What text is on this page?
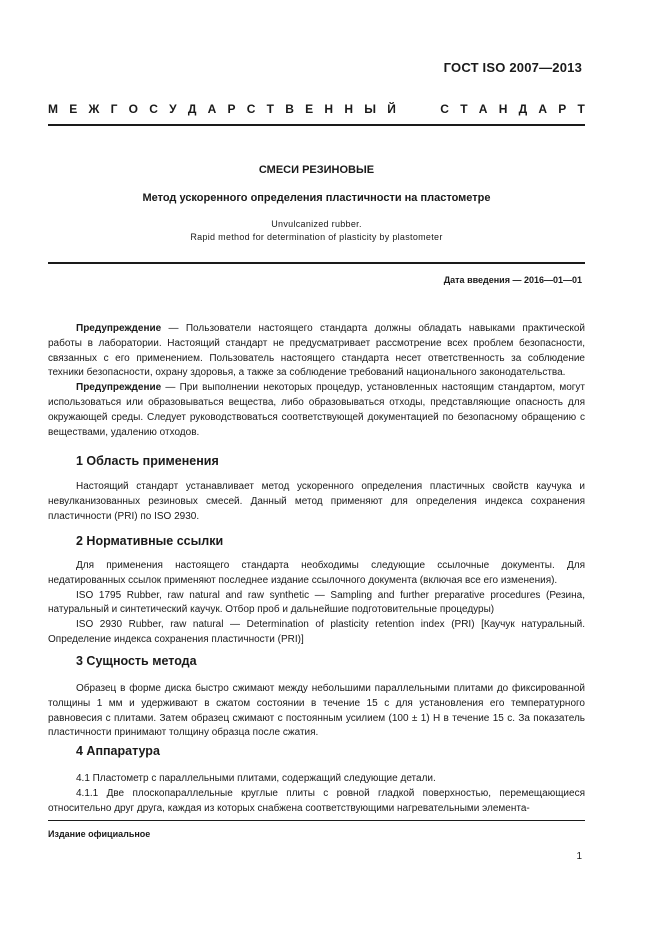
ГОСТ ISO 2007—2013
М Е Ж Г О С У Д А Р С Т В Е Н Н Ы Й	С Т А Н Д А Р Т
СМЕСИ РЕЗИНОВЫЕ
Метод ускоренного определения пластичности на пластометре
Unvulcanized rubber.
Rapid method for determination of plasticity by plastometer
Дата введения — 2016—01—01

Предупреждение — Пользователи настоящего стандарта должны обладать навыками практической работы в лаборатории. Настоящий стандарт не предусматривает рассмотрение всех проблем безопасности, связанных с его применением. Пользователь настоящего стандарта несет ответственность за соблюдение техники безопасности, охрану здоровья, а также за соблюдение требований национального законодательства.

Предупреждение — При выполнении некоторых процедур, установленных настоящим стандартом, могут использоваться или образовываться вещества, либо образовываться отходы, представляющие опасность для окружающей среды. Следует руководствоваться соответствующей документацией по безопасному обращению с веществами, удалению отходов.

1 Область применения

Настоящий стандарт устанавливает метод ускоренного определения пластичных свойств каучука и невулканизованных резиновых смесей. Данный метод применяют для определения индекса сохранения пластичности (PRI) по ISO 2930.

2 Нормативные ссылки

Для применения настоящего стандарта необходимы следующие ссылочные документы. Для недатированных ссылок применяют последнее издание ссылочного документа (включая все его изменения).

ISO 1795 Rubber, raw natural and raw synthetic — Sampling and further preparative procedures (Резина, натуральный и синтетический каучук. Отбор проб и дальнейшие подготовительные процедуры)

ISO 2930 Rubber, raw natural — Determination of plasticity retention index (PRI) [Каучук натуральный. Определение индекса сохранения пластичности (PRI)]

3 Сущность метода

Образец в форме диска быстро сжимают между небольшими параллельными плитами до фиксированной толщины 1 мм и удерживают в сжатом состоянии в течение 15 с для установления его температурного равновесия с плитами. Затем образец сжимают с постоянным усилием (100 ± 1) Н в течение 15 с. За показатель пластичности принимают толщину образца после сжатия.

4 Аппаратура

4.1 Пластометр с параллельными плитами, содержащий следующие детали.

4.1.1 Две плоскопараллельные круглые плиты с ровной гладкой поверхностью, перемещающиеся относительно друг друга, каждая из которых снабжена соответствующими нагревательными элемента-

Издание официальное
1
